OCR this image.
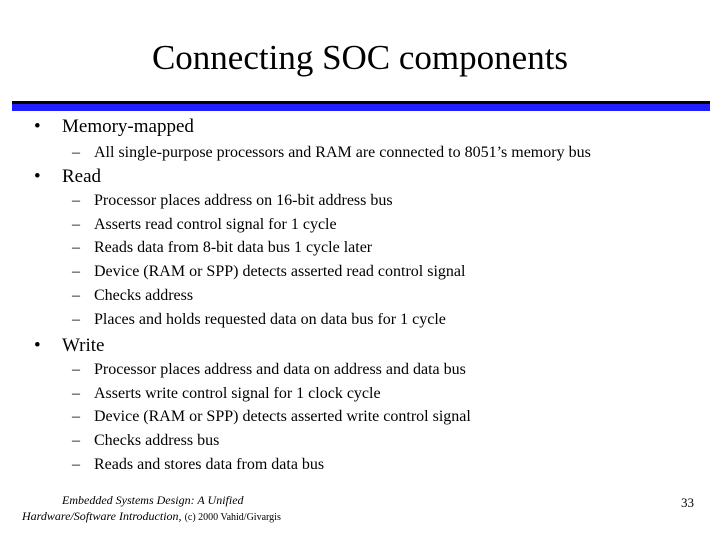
Connecting SOC components
• Memory-mapped
– All single-purpose processors and RAM are connected to 8051’s memory bus
• Read
– Processor places address on 16-bit address bus
– Asserts read control signal for 1 cycle
– Reads data from 8-bit data bus 1 cycle later
– Device (RAM or SPP) detects asserted read control signal
– Checks address
– Places and holds requested data on data bus for 1 cycle
• Write
– Processor places address and data on address and data bus
– Asserts write control signal for 1 clock cycle
– Device (RAM or SPP) detects asserted write control signal
– Checks address bus
– Reads and stores data from data bus
Embedded Systems Design: A Unified
Hardware/Software Introduction, (c) 2000 Vahid/Givargis
33
